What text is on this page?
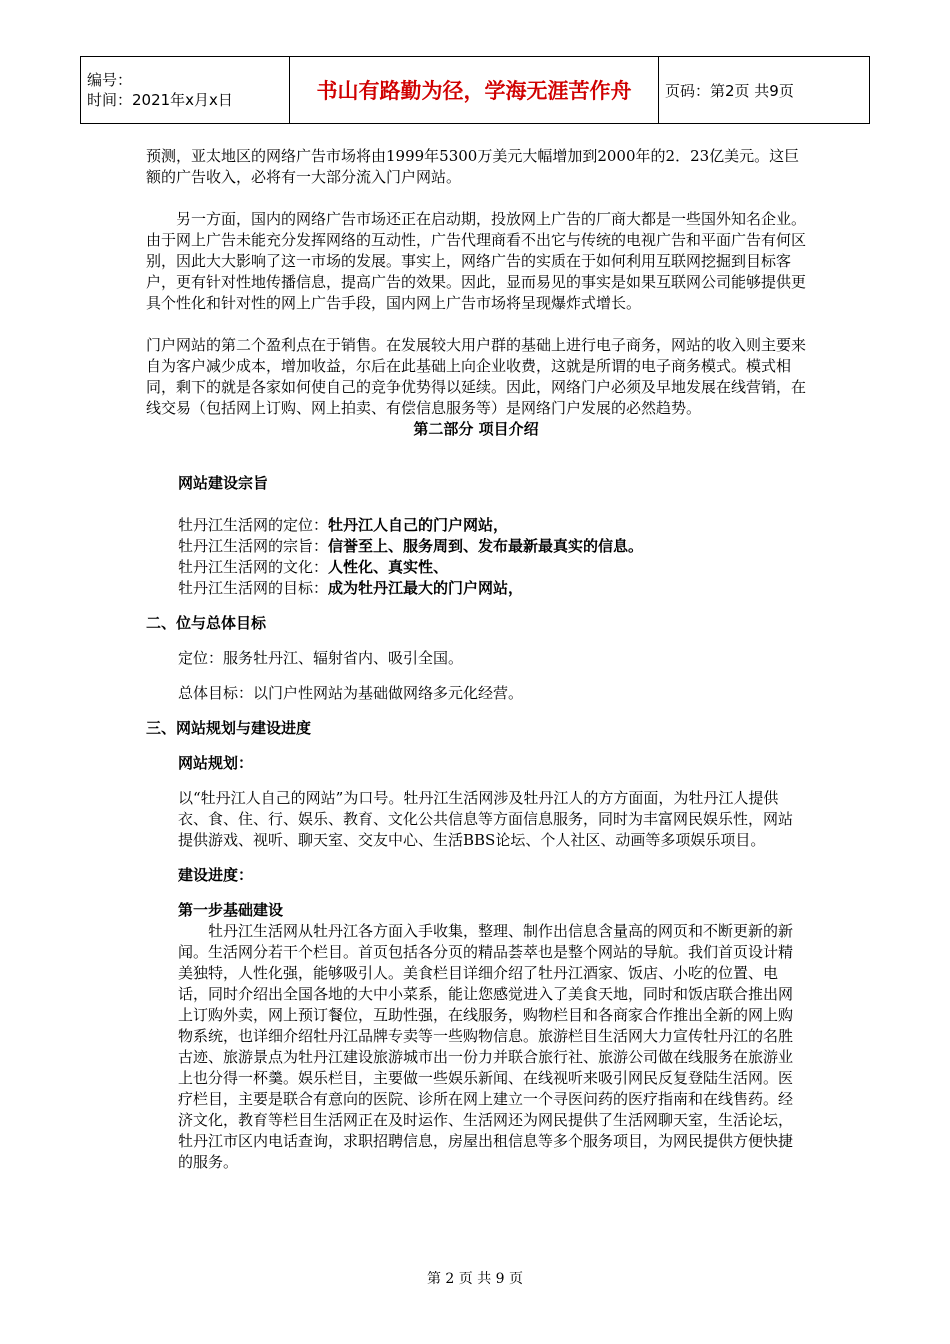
编号：
时间：2021年x月x日	书山有路勤为径，学海无涯苦作舟	页码：第2页 共9页

预测，亚太地区的网络广告市场将由1999年5300万美元大幅增加到2000年的2．23亿美元。这巨额的广告收入，必将有一大部分流入门户网站。

另一方面，国内的网络广告市场还正在启动期，投放网上广告的厂商大都是一些国外知名企业。由于网上广告未能充分发挥网络的互动性，广告代理商看不出它与传统的电视广告和平面广告有何区别，因此大大影响了这一市场的发展。事实上，网络广告的实质在于如何利用互联网挖掘到目标客户，更有针对性地传播信息，提高广告的效果。因此，显而易见的事实是如果互联网公司能够提供更具个性化和针对性的网上广告手段，国内网上广告市场将呈现爆炸式增长。

门户网站的第二个盈利点在于销售。在发展较大用户群的基础上进行电子商务，网站的收入则主要来自为客户减少成本，增加收益，尔后在此基础上向企业收费，这就是所谓的电子商务模式。模式相同，剩下的就是各家如何使自己的竞争优势得以延续。因此，网络门户必须及早地发展在线营销，在线交易（包括网上订购、网上拍卖、有偿信息服务等）是网络门户发展的必然趋势。

第二部分 项目介绍

网站建设宗旨

牡丹江生活网的定位：牡丹江人自己的门户网站，

牡丹江生活网的宗旨：信誉至上、服务周到、发布最新最真实的信息。

牡丹江生活网的文化：人性化、真实性、

牡丹江生活网的目标：成为牡丹江最大的门户网站，

二、位与总体目标

定位：服务牡丹江、辐射省内、吸引全国。

总体目标：以门户性网站为基础做网络多元化经营。

三、网站规划与建设进度

网站规划：

以“牡丹江人自己的网站”为口号。牡丹江生活网涉及牡丹江人的方方面面，为牡丹江人提供衣、食、住、行、娱乐、教育、文化公共信息等方面信息服务，同时为丰富网民娱乐性，网站提供游戏、视听、聊天室、交友中心、生活BBS论坛、个人社区、动画等多项娱乐项目。

建设进度：

第一步基础建设

牡丹江生活网从牡丹江各方面入手收集，整理、制作出信息含量高的网页和不断更新的新闻。生活网分若干个栏目。首页包括各分页的精品荟萃也是整个网站的导航。我们首页设计精美独特，人性化强，能够吸引人。美食栏目详细介绍了牡丹江酒家、饭店、小吃的位置、电话，同时介绍出全国各地的大中小菜系，能让您感觉进入了美食天地，同时和饭店联合推出网上订购外卖，网上预订餐位，互助性强，在线服务，购物栏目和各商家合作推出全新的网上购物系统，也详细介绍牡丹江品牌专卖等一些购物信息。旅游栏目生活网大力宣传牡丹江的名胜古迹、旅游景点为牡丹江建设旅游城市出一份力并联合旅行社、旅游公司做在线服务在旅游业上也分得一杯羹。娱乐栏目，主要做一些娱乐新闻、在线视听来吸引网民反复登陆生活网。医疗栏目，主要是联合有意向的医院、诊所在网上建立一个寻医问药的医疗指南和在线售药。经济文化，教育等栏目生活网正在及时运作、生活网还为网民提供了生活网聊天室，生活论坛，牡丹江市区内电话查询，求职招聘信息，房屋出租信息等多个服务项目，为网民提供方便快捷的服务。

第 2 页 共 9 页
